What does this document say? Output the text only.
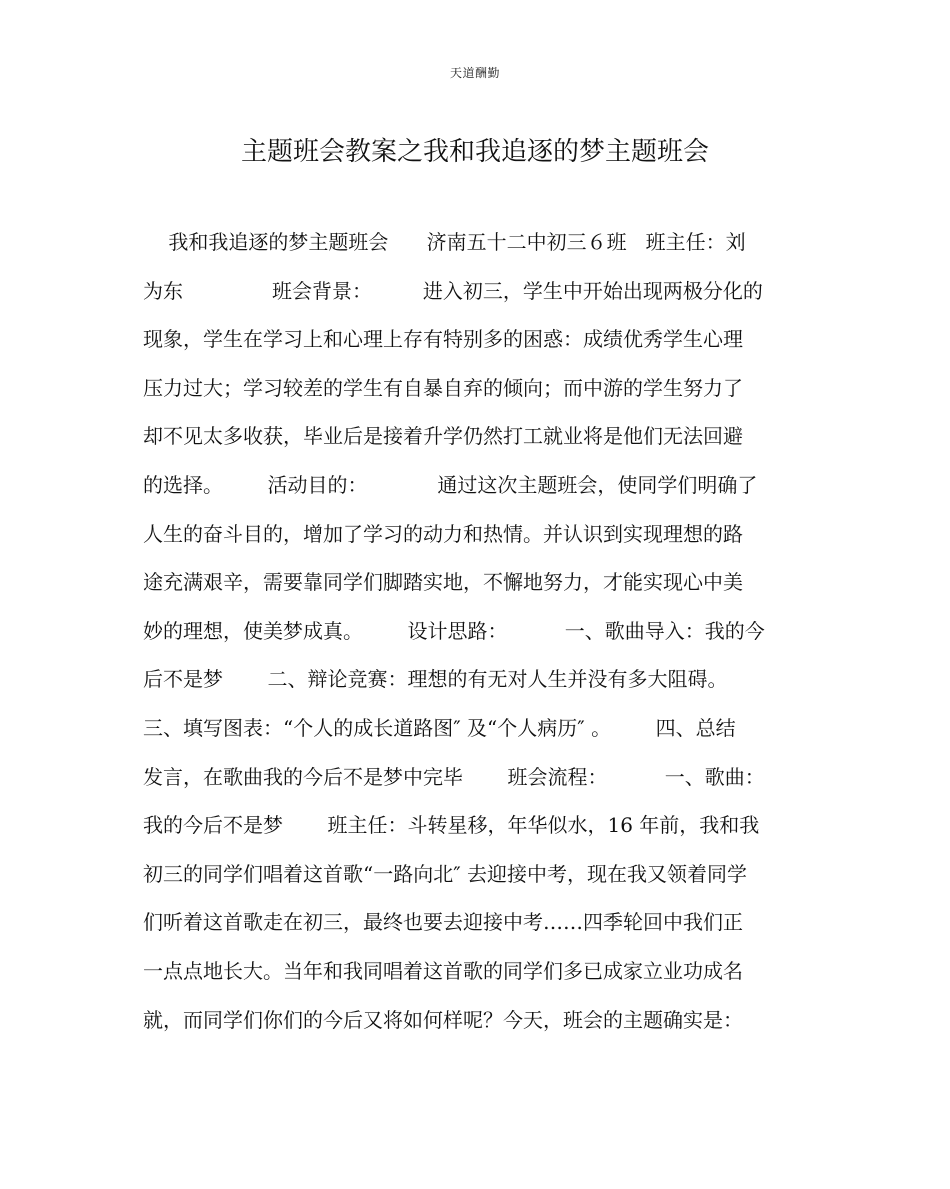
天道酬勤
主题班会教案之我和我追逐的梦主题班会
我和我追逐的梦主题班会      济南五十二中初三６班   班主任：刘
为东              班会背景：        进入初三，学生中开始出现两极分化的
现象，学生在学习上和心理上存有特别多的困惑：成绩优秀学生心理
压力过大；学习较差的学生有自暴自弃的倾向；而中游的学生努力了
却不见太多收获，毕业后是接着升学仍然打工就业将是他们无法回避
的选择。       活动目的：           通过这次主题班会，使同学们明确了
人生的奋斗目的，增加了学习的动力和热情。并认识到实现理想的路
途充满艰辛，需要靠同学们脚踏实地，不懈地努力，才能实现心中美
妙的理想，使美梦成真。       设计思路：         一、歌曲导入：我的今
后不是梦       二、辩论竞赛：理想的有无对人生并没有多大阻碍。
三、填写图表：“个人的成长道路图″ 及“个人病历″ 。       四、总结
发言，在歌曲我的今后不是梦中完毕       班会流程：         一、歌曲：
我的今后不是梦       班主任：斗转星移，年华似水，16 年前，我和我
初三的同学们唱着这首歌“一路向北″ 去迎接中考，现在我又领着同学
们听着这首歌走在初三，最终也要去迎接中考……四季轮回中我们正
一点点地长大。当年和我同唱着这首歌的同学们多已成家立业功成名
就，而同学们你们的今后又将如何样呢？今天，班会的主题确实是：
